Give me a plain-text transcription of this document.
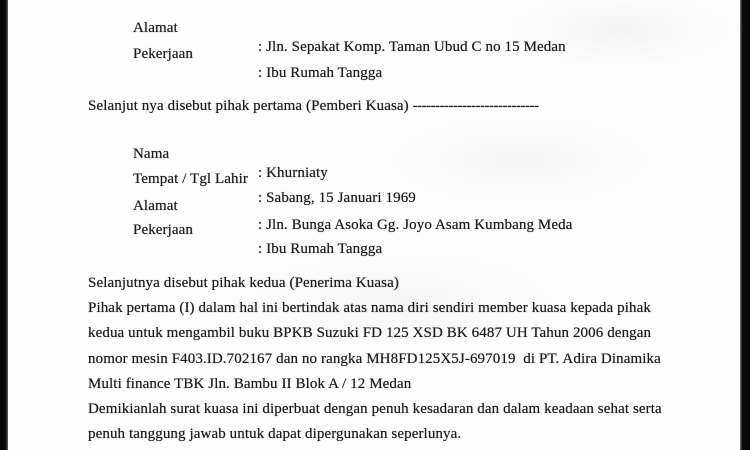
Alamat

: Jln. Sepakat Komp. Taman Ubud C no 15 Medan

Pekerjaan

: Ibu Rumah Tangga

Selanjut nya disebut pihak pertama (Pemberi Kuasa) ----------------------------

Nama

: Khurniaty

Tempat / Tgl Lahir

: Sabang, 15 Januari 1969

Alamat

: Jln. Bunga Asoka Gg. Joyo Asam Kumbang Meda

Pekerjaan

: Ibu Rumah Tangga

Selanjutnya disebut pihak kedua (Penerima Kuasa)

Pihak pertama (I) dalam hal ini bertindak atas nama diri sendiri member kuasa kepada pihak

kedua untuk mengambil buku BPKB Suzuki FD 125 XSD BK 6487 UH Tahun 2006 dengan

nomor mesin F403.ID.702167 dan no rangka MH8FD125X5J-697019  di PT. Adira Dinamika

Multi finance TBK Jln. Bambu II Blok A / 12 Medan

Demikianlah surat kuasa ini diperbuat dengan penuh kesadaran dan dalam keadaan sehat serta

penuh tanggung jawab untuk dapat dipergunakan seperlunya.
